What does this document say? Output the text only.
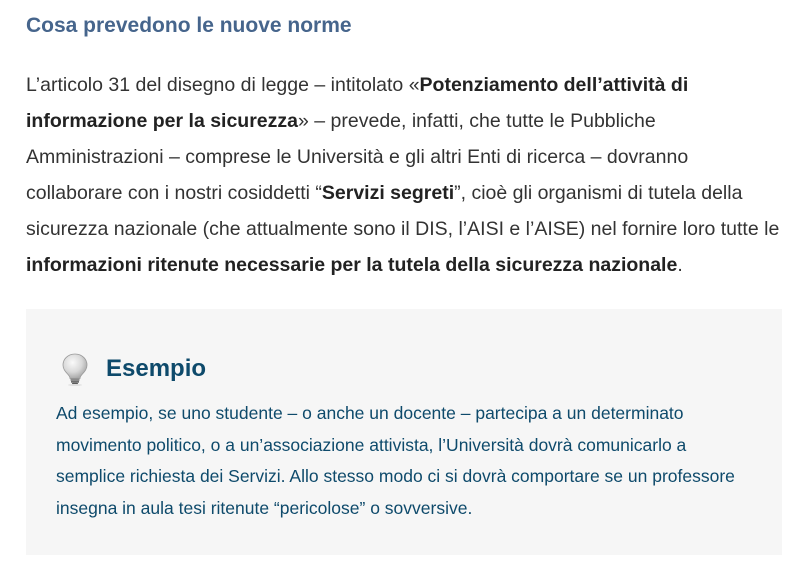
Cosa prevedono le nuove norme

L’articolo 31 del disegno di legge – intitolato «Potenziamento dell’attività di informazione per la sicurezza» – prevede, infatti, che tutte le Pubbliche Amministrazioni – comprese le Università e gli altri Enti di ricerca – dovranno collaborare con i nostri cosiddetti “Servizi segreti”, cioè gli organismi di tutela della sicurezza nazionale (che attualmente sono il DIS, l’AISI e l’AISE) nel fornire loro tutte le informazioni ritenute necessarie per la tutela della sicurezza nazionale.

Esempio

Ad esempio, se uno studente – o anche un docente – partecipa a un determinato movimento politico, o a un’associazione attivista, l’Università dovrà comunicarlo a semplice richiesta dei Servizi. Allo stesso modo ci si dovrà comportare se un professore insegna in aula tesi ritenute “pericolose” o sovversive.
